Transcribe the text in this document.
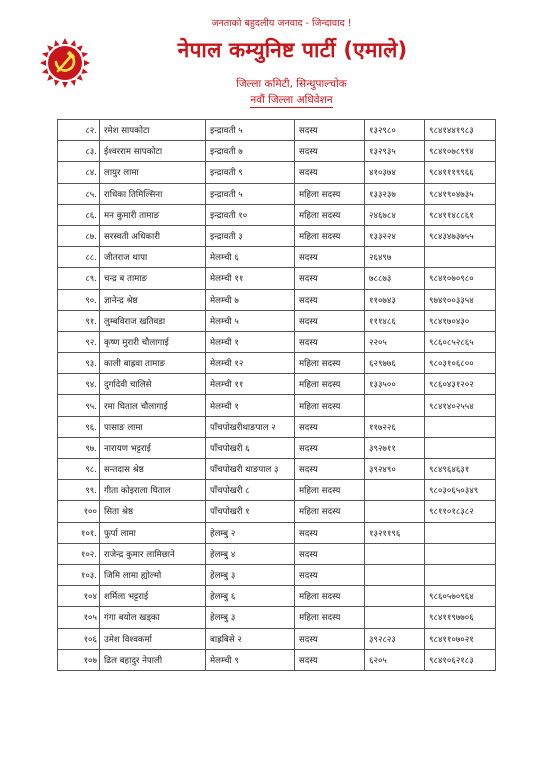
जनताको बहुदलीय जनवाद - जिन्दावाद !
नेपाल कम्युनिष्ट पार्टी (एमाले)
जिल्ला कमिटी, सिन्धुपाल्चोक
नवौं जिल्ला अधिवेशन
८२.	रमेश सापकोटा	इन्द्रावती ५	सदस्य	१३२९८०	९८४१४४१९८३
८३.	ईश्वरराम सापकोटा	इन्द्रावती ७	सदस्य	१३२९३५	९८४१०७८९९४
८४.	लायुर लामा	इन्द्रावती ९	सदस्य	४१०३७४	९८४१११९९६६
८५.	राधिका तिमिल्सिना	इन्द्रावती ५	महिला सदस्य	१३३२३७	९८४१९०४७३५
८६.	मन कुमारी तामाङ	इन्द्रावती १०	महिला सदस्य	२४६७८४	९८४११४८८६१
८७.	सरस्वती अधिकारी	इन्द्रावती ३	महिला सदस्य	१३३२२४	९८४३४७३७५५
८८.	जीतराज थापा	मेलम्ची ६	सदस्य	२६४९७	
८९.	चन्द्र ब तामाङ	मेलम्ची ११	सदस्य	७८८७३	९८४१०७०९८०
९०.	ज्ञानेन्द्र श्रेष्ठ	मेलम्ची ७	सदस्य	११०७४३	९७४१००३३५४
९१.	लुम्बविराज खतिवडा	मेलम्ची ५	सदस्य	१११४८६	९८४१७०४३०
९२.	कृष्ण मुरारी चौलागाई	मेलम्ची १	सदस्य	२२०५	९८६०८५२८६५
९३.	काली बाह्रवा तामाङ	मेलम्ची १२	महिला सदस्य	६२९७७६	९८०३१०६८००
९४.	दुर्गादेवी चालिसे	मेलम्ची ११	महिला सदस्य	१३३५००	९८६०४३१२०२
९५.	रमा घिताल चौलागाई	मेलम्ची १	महिला सदस्य		९८४१४०२५५४
९६.	पासाङ लामा	पाँचपोखरीथाङपाल २	सदस्य	११७२२६	
९७.	नारायण भट्टराई	पाँचपोखरी ६	सदस्य	३९२७११	
९८.	सन्तदास श्रेष्ठ	पाँचपोखरी थाङपाल ३	सदस्य	३९२४९०	९८४९६४६३१
९९.	गीता कोइराला घिताल	पाँचपोखरी ८	महिला सदस्य		९८०३०६५०३४९
१००	सिता श्रेष्ठ	पाँचपोखरी १	महिला सदस्य		९८११०१८३८२
१०१.	फुर्पा लामा	हेलम्बु २	सदस्य	१३२११९६	
१०२.	राजेन्द्र कुमार लामिछाने	हेलम्बु ४	सदस्य		
१०३.	जिमि लामा ह्योल्मो	हेलम्बु ३	सदस्य		
१०४	शर्मिला भट्टराई	हेलम्बु ६	महिला सदस्य		९८६०५७०९६४
१०५	गंगा बयोल खड्का	हेलम्बु ३	महिला सदस्य		९८४११९७७०६
१०६	उमेश विश्वकर्मा	बाह्रबिसे २	सदस्य	३९२८२३	९८४११०७०२१
१०७	ढिल बहादुर नेपाली	मेलम्ची ९	सदस्य	६२०५	९८४१०६२१८३
